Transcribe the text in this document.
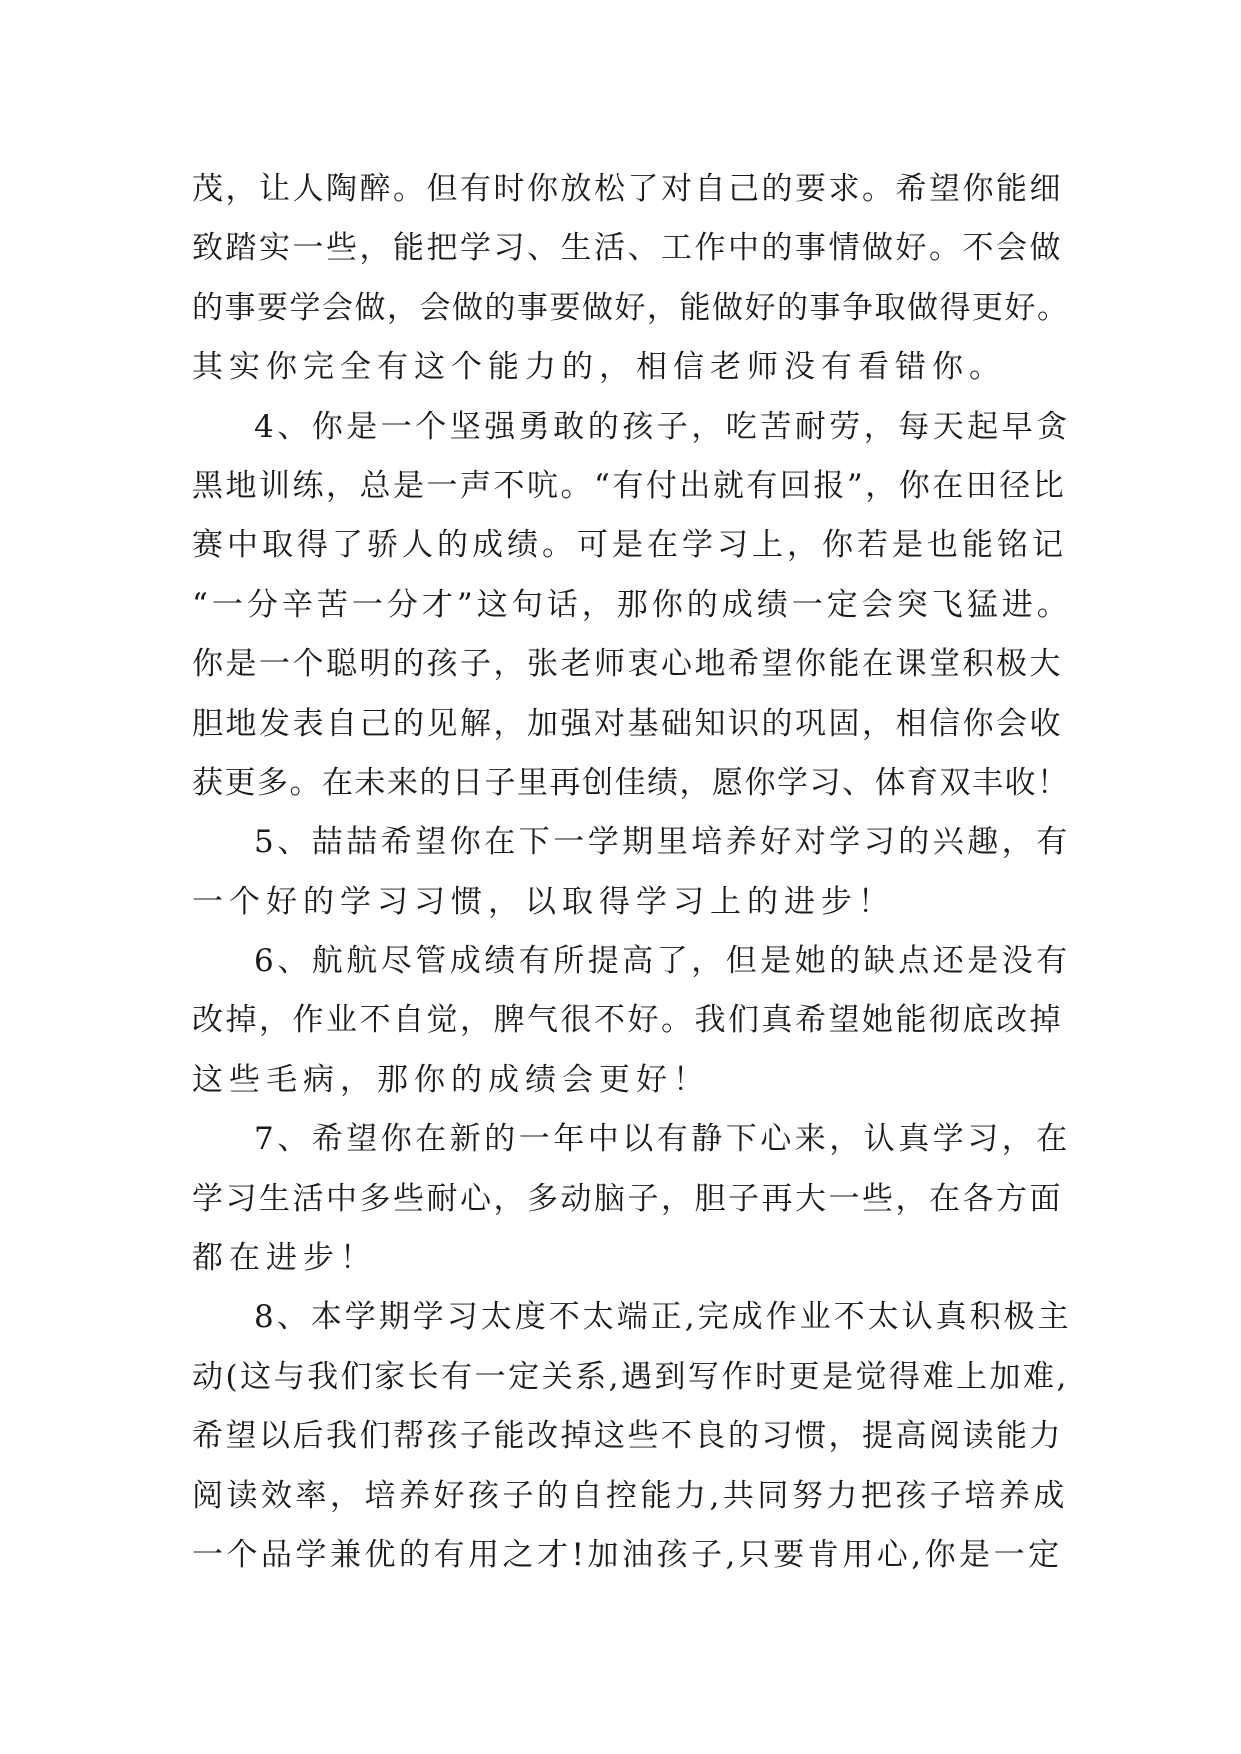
茂，让人陶醉。但有时你放松了对自己的要求。希望你能细
致踏实一些，能把学习、生活、工作中的事情做好。不会做
的事要学会做，会做的事要做好，能做好的事争取做得更好。
其实你完全有这个能力的，相信老师没有看错你。
4、你是一个坚强勇敢的孩子，吃苦耐劳，每天起早贪
黑地训练，总是一声不吭。“有付出就有回报”，你在田径比
赛中取得了骄人的成绩。可是在学习上，你若是也能铭记
“一分辛苦一分才”这句话，那你的成绩一定会突飞猛进。
你是一个聪明的孩子，张老师衷心地希望你能在课堂积极大
胆地发表自己的见解，加强对基础知识的巩固，相信你会收
获更多。在未来的日子里再创佳绩，愿你学习、体育双丰收！
5、喆喆希望你在下一学期里培养好对学习的兴趣，有
一个好的学习习惯，以取得学习上的进步！
6、航航尽管成绩有所提高了，但是她的缺点还是没有
改掉，作业不自觉，脾气很不好。我们真希望她能彻底改掉
这些毛病，那你的成绩会更好！
7、希望你在新的一年中以有静下心来，认真学习，在
学习生活中多些耐心，多动脑子，胆子再大一些，在各方面
都在进步！
8、本学期学习太度不太端正,完成作业不太认真积极主
动(这与我们家长有一定关系,遇到写作时更是觉得难上加难,
希望以后我们帮孩子能改掉这些不良的习惯，提高阅读能力
阅读效率，培养好孩子的自控能力,共同努力把孩子培养成
一个品学兼优的有用之才!加油孩子,只要肯用心,你是一定
